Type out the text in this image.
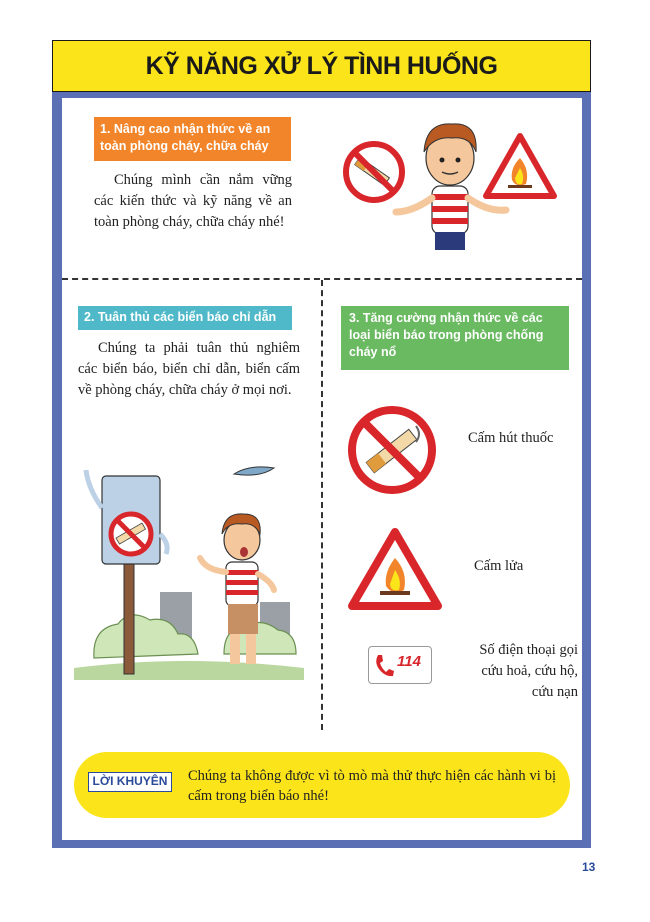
KỸ NĂNG XỬ LÝ TÌNH HUỐNG
1. Nâng cao nhận thức về an toàn phòng cháy, chữa cháy
Chúng mình cần nắm vững các kiến thức và kỹ năng về an toàn phòng cháy, chữa cháy nhé!
2. Tuân thủ các biển báo chỉ dẫn
Chúng ta phải tuân thủ nghiêm các biển báo, biển chỉ dẫn, biển cấm về phòng cháy, chữa cháy ở mọi nơi.
3. Tăng cường nhận thức về các loại biển báo trong phòng chống cháy nổ
Cấm hút thuốc
Cấm lửa
114
Số điện thoại gọi cứu hoả, cứu hộ, cứu nạn
LỜI KHUYÊN	Chúng ta không được vì tò mò mà thử thực hiện các hành vi bị cấm trong biển báo nhé!
13
